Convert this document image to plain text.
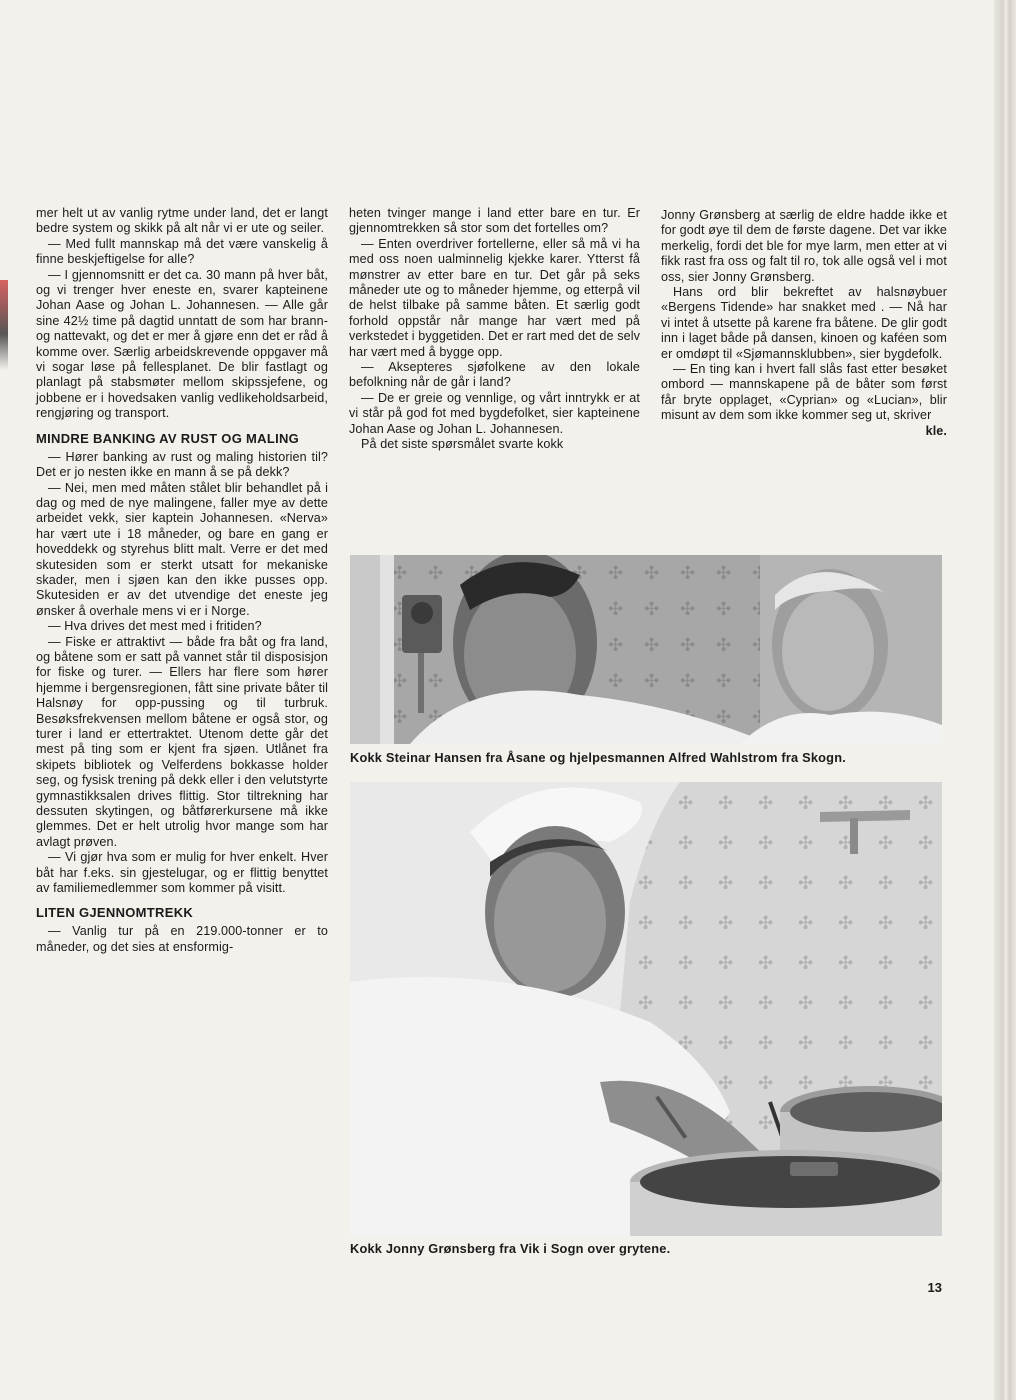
mer helt ut av vanlig rytme under land, det er langt bedre system og skikk på alt når vi er ute og seiler.

— Med fullt mannskap må det være vanskelig å finne beskjeftigelse for alle?

— I gjennomsnitt er det ca. 30 mann på hver båt, og vi trenger hver eneste en, svarer kapteinene Johan Aase og Johan L. Johannesen. — Alle går sine 42½ time på dagtid unntatt de som har brann- og nattevakt, og det er mer å gjøre enn det er råd å komme over. Særlig arbeidskrevende oppgaver må vi sogar løse på fellesplanet. De blir fastlagt og planlagt på stabsmøter mellom skipssjefene, og jobbene er i hovedsaken vanlig vedlikeholdsarbeid, rengjøring og transport.

MINDRE BANKING AV RUST OG MALING

— Hører banking av rust og maling historien til? Det er jo nesten ikke en mann å se på dekk?

— Nei, men med måten stålet blir behandlet på i dag og med de nye malingene, faller mye av dette arbeidet vekk, sier kaptein Johannesen. «Nerva» har vært ute i 18 måneder, og bare en gang er hoveddekk og styrehus blitt malt. Verre er det med skutesiden som er sterkt utsatt for mekaniske skader, men i sjøen kan den ikke pusses opp. Skutesiden er av det utvendige det eneste jeg ønsker å overhale mens vi er i Norge.

— Hva drives det mest med i fritiden?

— Fiske er attraktivt — både fra båt og fra land, og båtene som er satt på vannet står til disposisjon for fiske og turer. — Ellers har flere som hører hjemme i bergensregionen, fått sine private båter til Halsnøy for opp-pussing og til turbruk. Besøksfrekvensen mellom båtene er også stor, og turer i land er ettertraktet. Utenom dette går det mest på ting som er kjent fra sjøen. Utlånet fra skipets bibliotek og Velferdens bokkasse holder seg, og fysisk trening på dekk eller i den velutstyrte gymnastikksalen drives flittig. Stor tiltrekning har dessuten skytingen, og båtførerkursene må ikke glemmes. Det er helt utrolig hvor mange som har avlagt prøven.

— Vi gjør hva som er mulig for hver enkelt. Hver båt har f.eks. sin gjestelugar, og er flittig benyttet av familiemedlemmer som kommer på visitt.

LITEN GJENNOMTREKK

— Vanlig tur på en 219.000-tonner er to måneder, og det sies at ensformig-

heten tvinger mange i land etter bare en tur. Er gjennomtrekken så stor som det fortelles om?

— Enten overdriver fortellerne, eller så må vi ha med oss noen ualminnelig kjekke karer. Ytterst få mønstrer av etter bare en tur. Det går på seks måneder ute og to måneder hjemme, og etterpå vil de helst tilbake på samme båten. Et særlig godt forhold oppstår når mange har vært med på verkstedet i byggetiden. Det er rart med det de selv har vært med å bygge opp.

— Aksepteres sjøfolkene av den lokale befolkning når de går i land?

— De er greie og vennlige, og vårt inntrykk er at vi står på god fot med bygdefolket, sier kapteinene Johan Aase og Johan L. Johannesen.

På det siste spørsmålet svarte kokk

Jonny Grønsberg at særlig de eldre hadde ikke et for godt øye til dem de første dagene. Det var ikke merkelig, fordi det ble for mye larm, men etter at vi fikk rast fra oss og falt til ro, tok alle også vel i mot oss, sier Jonny Grønsberg.

Hans ord blir bekreftet av halsnøybuer «Bergens Tidende» har snakket med . — Nå har vi intet å utsette på karene fra båtene. De glir godt inn i laget både på dansen, kinoen og kaféen som er omdøpt til «Sjømannsklubben», sier bygdefolk.

— En ting kan i hvert fall slås fast etter besøket ombord — mannskapene på de båter som først får bryte opplaget, «Cyprian» og «Lucian», blir misunt av dem som ikke kommer seg ut, skriver
kle.

Kokk Steinar Hansen fra Åsane og hjelpesmannen Alfred Wahlstrom fra Skogn.
Kokk Jonny Grønsberg fra Vik i Sogn over grytene.
13
